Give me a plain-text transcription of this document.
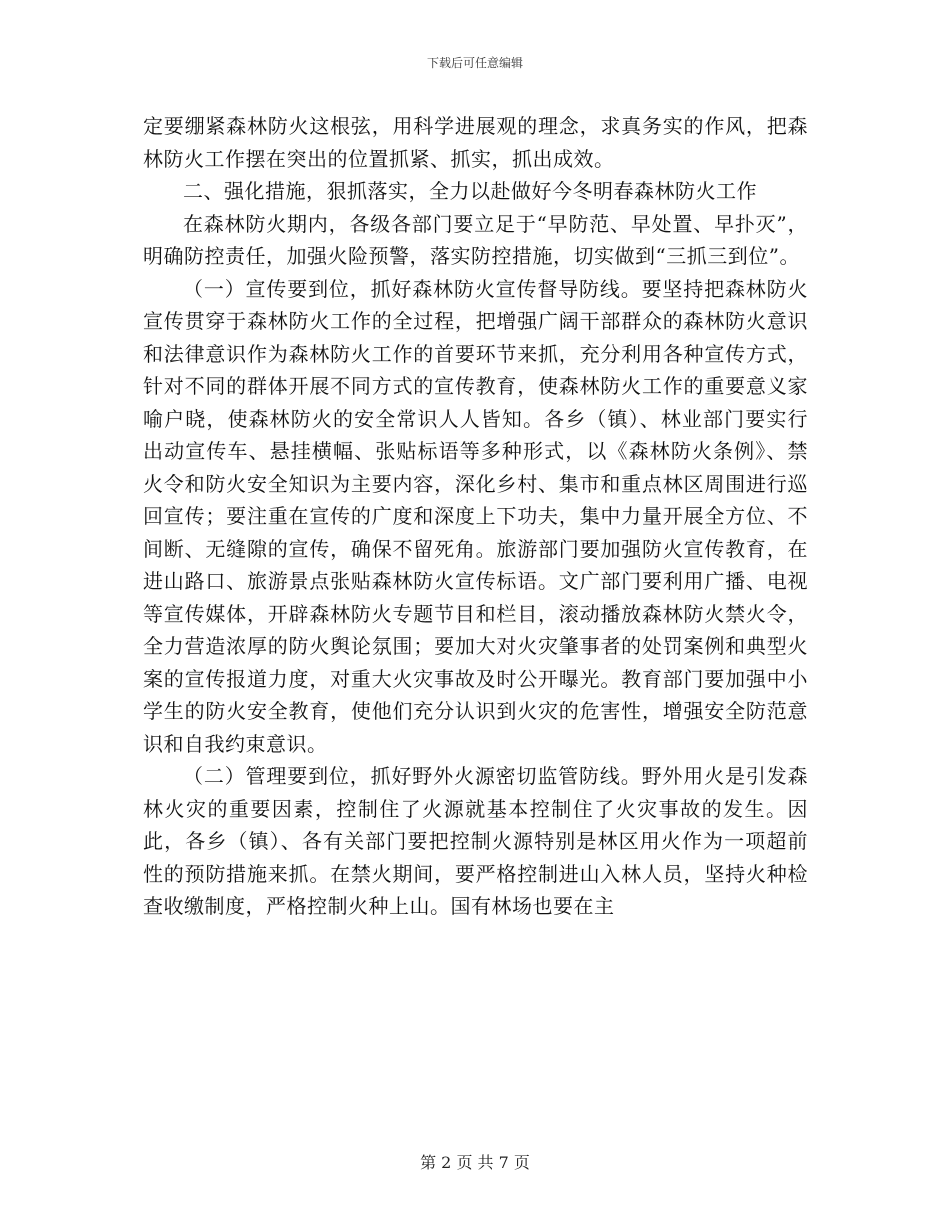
下载后可任意编辑

定要绷紧森林防火这根弦，用科学进展观的理念，求真务实的作风，把森林防火工作摆在突出的位置抓紧、抓实，抓出成效。

二、强化措施，狠抓落实，全力以赴做好今冬明春森林防火工作

在森林防火期内，各级各部门要立足于“早防范、早处置、早扑灭”，明确防控责任，加强火险预警，落实防控措施，切实做到“三抓三到位”。

（一）宣传要到位，抓好森林防火宣传督导防线。要坚持把森林防火宣传贯穿于森林防火工作的全过程，把增强广阔干部群众的森林防火意识和法律意识作为森林防火工作的首要环节来抓，充分利用各种宣传方式，针对不同的群体开展不同方式的宣传教育，使森林防火工作的重要意义家喻户晓，使森林防火的安全常识人人皆知。各乡（镇）、林业部门要实行出动宣传车、悬挂横幅、张贴标语等多种形式，以《森林防火条例》、禁火令和防火安全知识为主要内容，深化乡村、集市和重点林区周围进行巡回宣传；要注重在宣传的广度和深度上下功夫，集中力量开展全方位、不间断、无缝隙的宣传，确保不留死角。旅游部门要加强防火宣传教育，在进山路口、旅游景点张贴森林防火宣传标语。文广部门要利用广播、电视等宣传媒体，开辟森林防火专题节目和栏目，滚动播放森林防火禁火令，全力营造浓厚的防火舆论氛围；要加大对火灾肇事者的处罚案例和典型火案的宣传报道力度，对重大火灾事故及时公开曝光。教育部门要加强中小学生的防火安全教育，使他们充分认识到火灾的危害性，增强安全防范意识和自我约束意识。

（二）管理要到位，抓好野外火源密切监管防线。野外用火是引发森林火灾的重要因素，控制住了火源就基本控制住了火灾事故的发生。因此，各乡（镇）、各有关部门要把控制火源特别是林区用火作为一项超前性的预防措施来抓。在禁火期间，要严格控制进山入林人员，坚持火种检查收缴制度，严格控制火种上山。国有林场也要在主

第 2 页 共 7 页
